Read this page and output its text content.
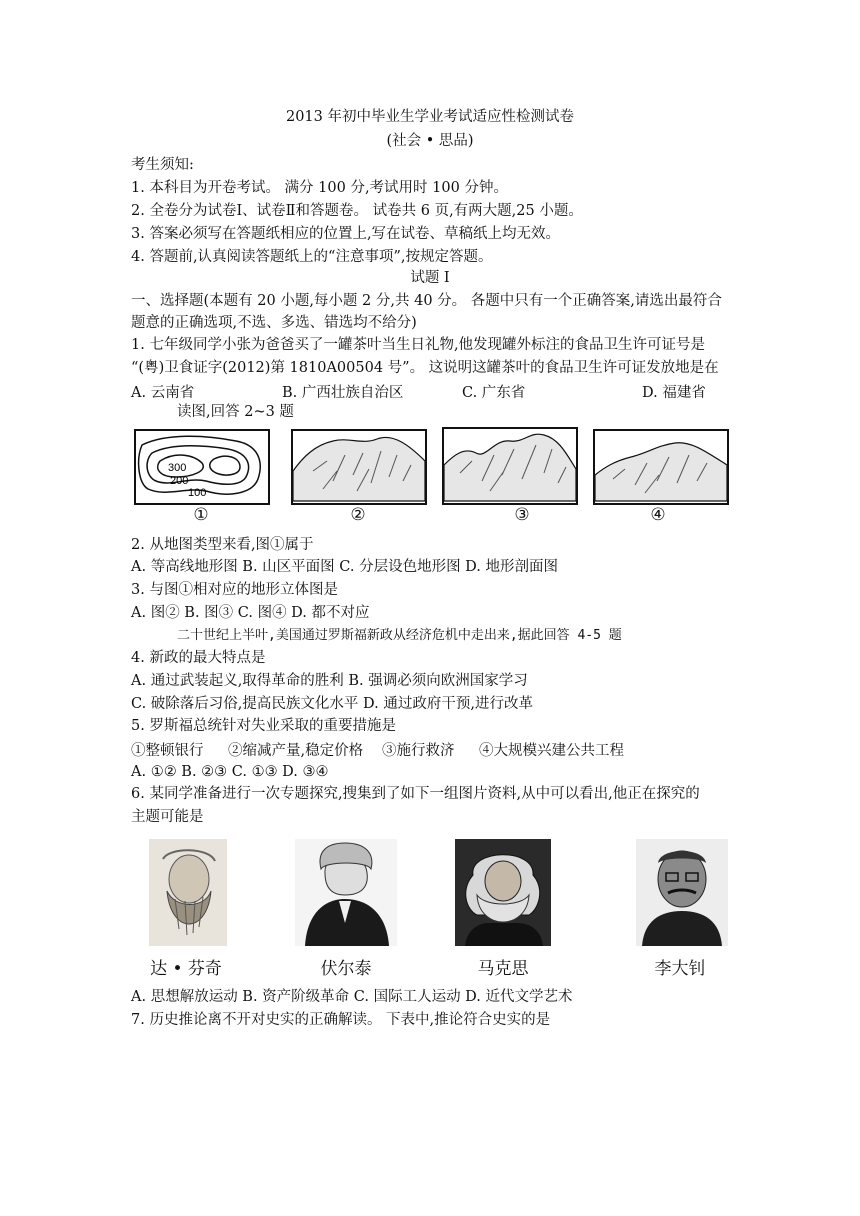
2013 年初中毕业生学业考试适应性检测试卷
(社会 • 思品)
考生须知:
1. 本科目为开卷考试。 满分 100 分,考试用时 100 分钟。
2. 全卷分为试卷Ⅰ、试卷Ⅱ和答题卷。 试卷共 6 页,有两大题,25 小题。
3. 答案必须写在答题纸相应的位置上,写在试卷、草稿纸上均无效。
4. 答题前,认真阅读答题纸上的“注意事项”,按规定答题。
试题 I
一、选择题(本题有 20 小题,每小题 2 分,共 40 分。 各题中只有一个正确答案,请选出最符合
题意的正确选项,不选、多选、错选均不给分)
1. 七年级同学小张为爸爸买了一罐茶叶当生日礼物,他发现罐外标注的食品卫生许可证号是
“(粤)卫食证字(2012)第 1810A00504 号”。 这说明这罐茶叶的食品卫生许可证发放地是在
A. 云南省	B. 广西壮族自治区	C. 广东省	D. 福建省
读图,回答 2~3 题
300
200
100
①	②	③	④
2. 从地图类型来看,图①属于
A. 等高线地形图 B. 山区平面图 C. 分层设色地形图 D. 地形剖面图
3. 与图①相对应的地形立体图是
A. 图② B. 图③ C. 图④ D. 都不对应
二十世纪上半叶,美国通过罗斯福新政从经济危机中走出来,据此回答 4-5 题
4. 新政的最大特点是
A. 通过武装起义,取得革命的胜利 B. 强调必须向欧洲国家学习
C. 破除落后习俗,提高民族文化水平 D. 通过政府干预,进行改革
5. 罗斯福总统针对失业采取的重要措施是
①整顿银行	②缩减产量,稳定价格	③施行救济	④大规模兴建公共工程
A. ①② B. ②③ C. ①③ D. ③④
6. 某同学准备进行一次专题探究,搜集到了如下一组图片资料,从中可以看出,他正在探究的
主题可能是
达 • 芬奇	伏尔泰	马克思	李大钊
A. 思想解放运动 B. 资产阶级革命 C. 国际工人运动 D. 近代文学艺术
7. 历史推论离不开对史实的正确解读。 下表中,推论符合史实的是
